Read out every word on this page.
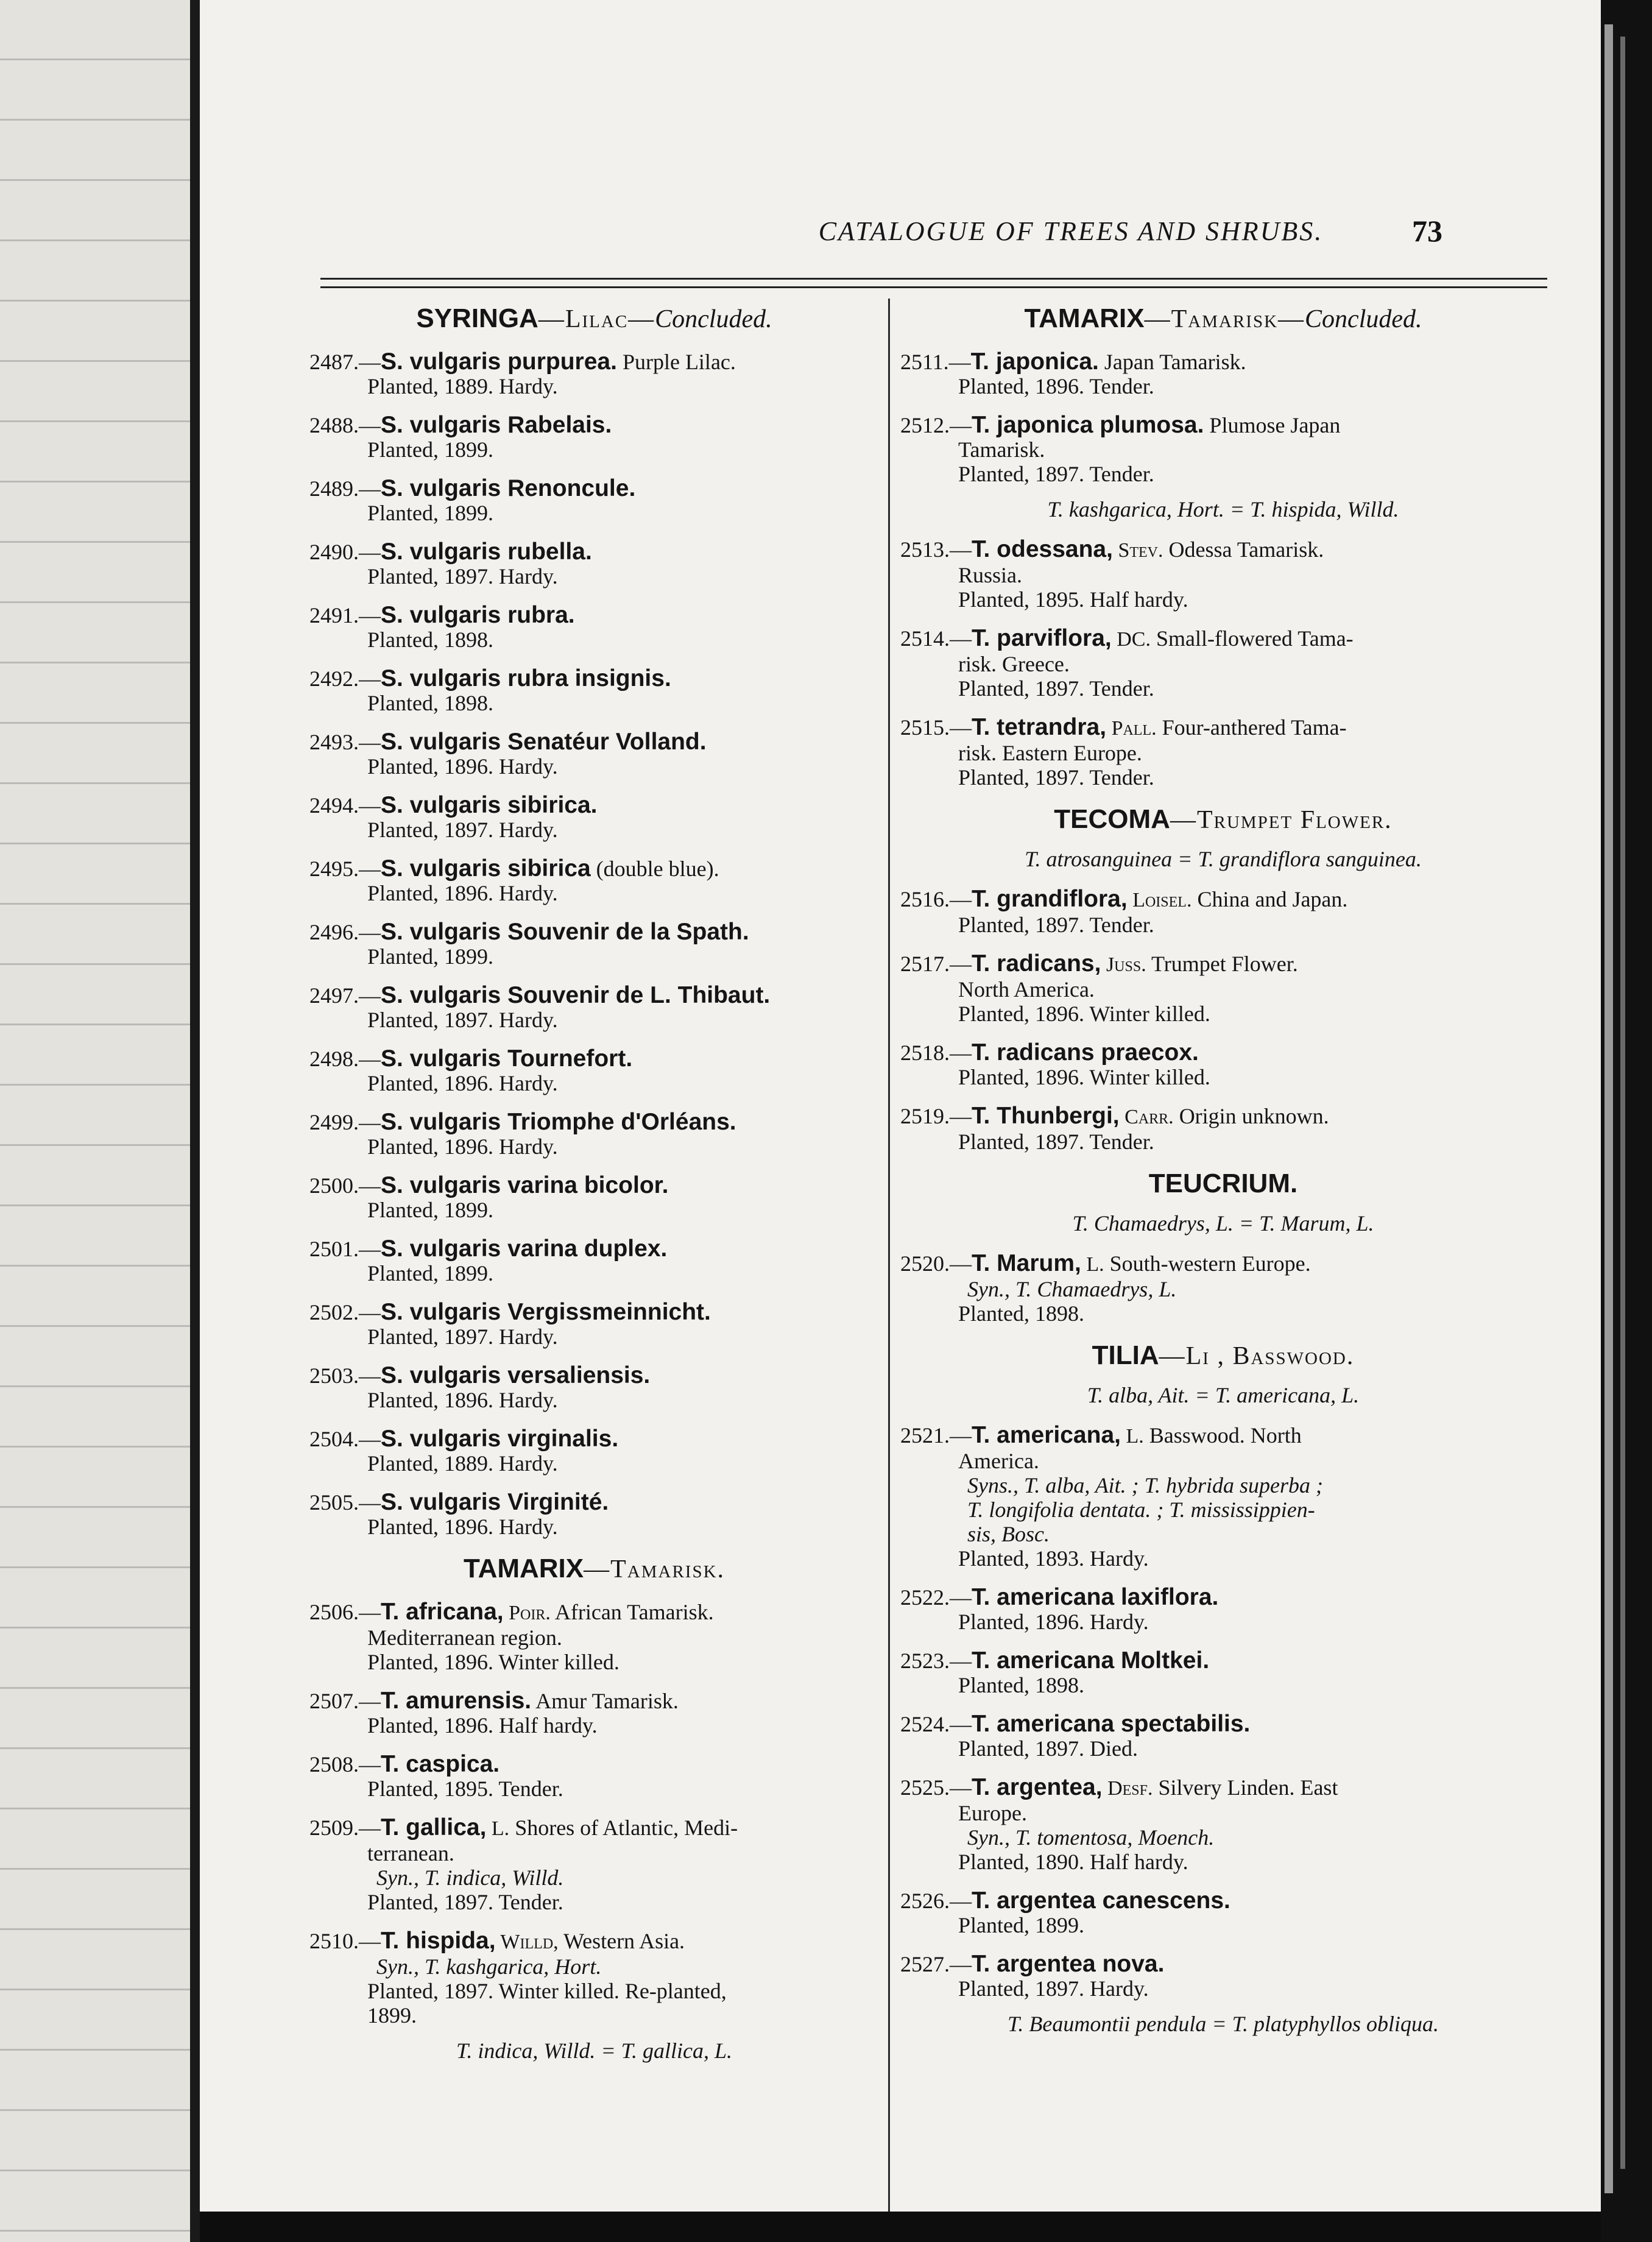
CATALOGUE OF TREES AND SHRUBS.	73
SYRINGA—Lilac—Concluded.
2487.—S. vulgaris purpurea. Purple Lilac.
Planted, 1889. Hardy.
2488.—S. vulgaris Rabelais.
Planted, 1899.
2489.—S. vulgaris Renoncule.
Planted, 1899.
2490.—S. vulgaris rubella.
Planted, 1897. Hardy.
2491.—S. vulgaris rubra.
Planted, 1898.
2492.—S. vulgaris rubra insignis.
Planted, 1898.
2493.—S. vulgaris Senatéur Volland.
Planted, 1896. Hardy.
2494.—S. vulgaris sibirica.
Planted, 1897. Hardy.
2495.—S. vulgaris sibirica (double blue).
Planted, 1896. Hardy.
2496.—S. vulgaris Souvenir de la Spath.
Planted, 1899.
2497.—S. vulgaris Souvenir de L. Thibaut.
Planted, 1897. Hardy.
2498.—S. vulgaris Tournefort.
Planted, 1896. Hardy.
2499.—S. vulgaris Triomphe d'Orléans.
Planted, 1896. Hardy.
2500.—S. vulgaris varina bicolor.
Planted, 1899.
2501.—S. vulgaris varina duplex.
Planted, 1899.
2502.—S. vulgaris Vergissmeinnicht.
Planted, 1897. Hardy.
2503.—S. vulgaris versaliensis.
Planted, 1896. Hardy.
2504.—S. vulgaris virginalis.
Planted, 1889. Hardy.
2505.—S. vulgaris Virginité.
Planted, 1896. Hardy.
TAMARIX—Tamarisk.
2506.—T. africana, Poir. African Tamarisk.
Mediterranean region.
Planted, 1896. Winter killed.
2507.—T. amurensis. Amur Tamarisk.
Planted, 1896. Half hardy.
2508.—T. caspica.
Planted, 1895. Tender.
2509.—T. gallica, L. Shores of Atlantic, Medi-
terranean.
Syn., T. indica, Willd.
Planted, 1897. Tender.
2510.—T. hispida, Willd, Western Asia.
Syn., T. kashgarica, Hort.
Planted, 1897. Winter killed. Re-planted,
1899.
T. indica, Willd. = T. gallica, L.
TAMARIX—Tamarisk—Concluded.
2511.—T. japonica. Japan Tamarisk.
Planted, 1896. Tender.
2512.—T. japonica plumosa. Plumose Japan
Tamarisk.
Planted, 1897. Tender.
T. kashgarica, Hort. = T. hispida, Willd.
2513.—T. odessana, Stev. Odessa Tamarisk.
Russia.
Planted, 1895. Half hardy.
2514.—T. parviflora, DC. Small-flowered Tama-
risk. Greece.
Planted, 1897. Tender.
2515.—T. tetrandra, Pall. Four-anthered Tama-
risk. Eastern Europe.
Planted, 1897. Tender.
TECOMA—Trumpet Flower.
T. atrosanguinea = T. grandiflora sanguinea.
2516.—T. grandiflora, Loisel. China and Japan.
Planted, 1897. Tender.
2517.—T. radicans, Juss. Trumpet Flower.
North America.
Planted, 1896. Winter killed.
2518.—T. radicans praecox.
Planted, 1896. Winter killed.
2519.—T. Thunbergi, Carr. Origin unknown.
Planted, 1897. Tender.
TEUCRIUM.
T. Chamaedrys, L. = T. Marum, L.
2520.—T. Marum, L. South-western Europe.
Syn., T. Chamaedrys, L.
Planted, 1898.
TILIA—Li , Basswood.
T. alba, Ait. = T. americana, L.
2521.—T. americana, L. Basswood. North
America.
Syns., T. alba, Ait. ; T. hybrida superba ;
T. longifolia dentata. ; T. mississippien-
sis, Bosc.
Planted, 1893. Hardy.
2522.—T. americana laxiflora.
Planted, 1896. Hardy.
2523.—T. americana Moltkei.
Planted, 1898.
2524.—T. americana spectabilis.
Planted, 1897. Died.
2525.—T. argentea, Desf. Silvery Linden. East
Europe.
Syn., T. tomentosa, Moench.
Planted, 1890. Half hardy.
2526.—T. argentea canescens.
Planted, 1899.
2527.—T. argentea nova.
Planted, 1897. Hardy.
T. Beaumontii pendula = T. platyphyllos obliqua.
